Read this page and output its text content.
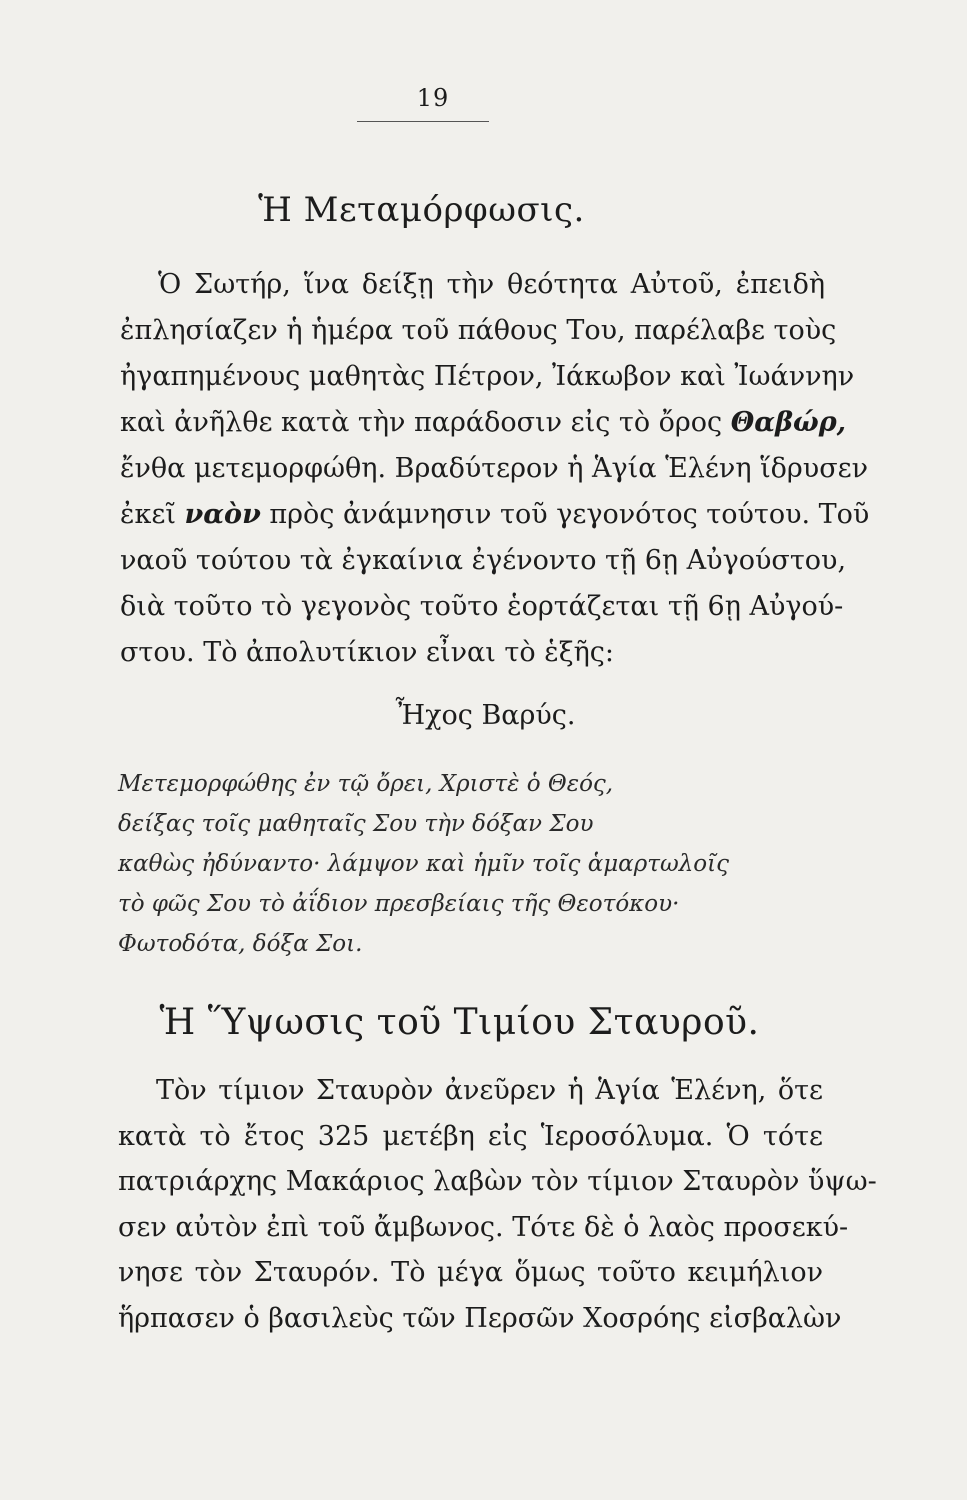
19
Ἡ Μεταμόρφωσις.
Ὁ Σωτήρ, ἵνα δείξῃ τὴν θεότητα Αὐτοῦ, ἐπειδὴ
ἐπλησίαζεν ἡ ἡμέρα τοῦ πάθους Του, παρέλαβε τοὺς
ἠγαπημένους μαθητὰς Πέτρον, Ἰάκωβον καὶ Ἰωάννην
καὶ ἀνῆλθε κατὰ τὴν παράδοσιν εἰς τὸ ὄρος Θαβώρ,
ἔνθα μετεμορφώθη. Βραδύτερον ἡ Ἁγία Ἑλένη ἵδρυσεν
ἐκεῖ ναὸν πρὸς ἀνάμνησιν τοῦ γεγονότος τούτου. Τοῦ
ναοῦ τούτου τὰ ἐγκαίνια ἐγένοντο τῇ 6ῃ Αὐγούστου,
διὰ τοῦτο τὸ γεγονὸς τοῦτο ἑορτάζεται τῇ 6ῃ Αὐγού-
στου. Τὸ ἀπολυτίκιον εἶναι τὸ ἑξῆς:
Ἦχος Βαρύς.
Μετεμορφώθης ἐν τῷ ὄρει, Χριστὲ ὁ Θεός,
δείξας τοῖς μαθηταῖς Σου τὴν δόξαν Σου
καθὼς ἠδύναντο· λάμψον καὶ ἡμῖν τοῖς ἁμαρτωλοῖς
τὸ φῶς Σου τὸ ἀΐδιον πρεσβείαις τῆς Θεοτόκου·
Φωτοδότα, δόξα Σοι.
Ἡ Ὕψωσις τοῦ Τιμίου Σταυροῦ.
Τὸν τίμιον Σταυρὸν ἀνεῦρεν ἡ Ἁγία Ἑλένη, ὅτε
κατὰ τὸ ἔτος 325 μετέβη εἰς Ἱεροσόλυμα. Ὁ τότε
πατριάρχης Μακάριος λαβὼν τὸν τίμιον Σταυρὸν ὕψω-
σεν αὐτὸν ἐπὶ τοῦ ἄμβωνος. Τότε δὲ ὁ λαὸς προσεκύ-
νησε τὸν Σταυρόν. Τὸ μέγα ὅμως τοῦτο κειμήλιον
ἥρπασεν ὁ βασιλεὺς τῶν Περσῶν Χοσρόης εἰσβαλὼν
